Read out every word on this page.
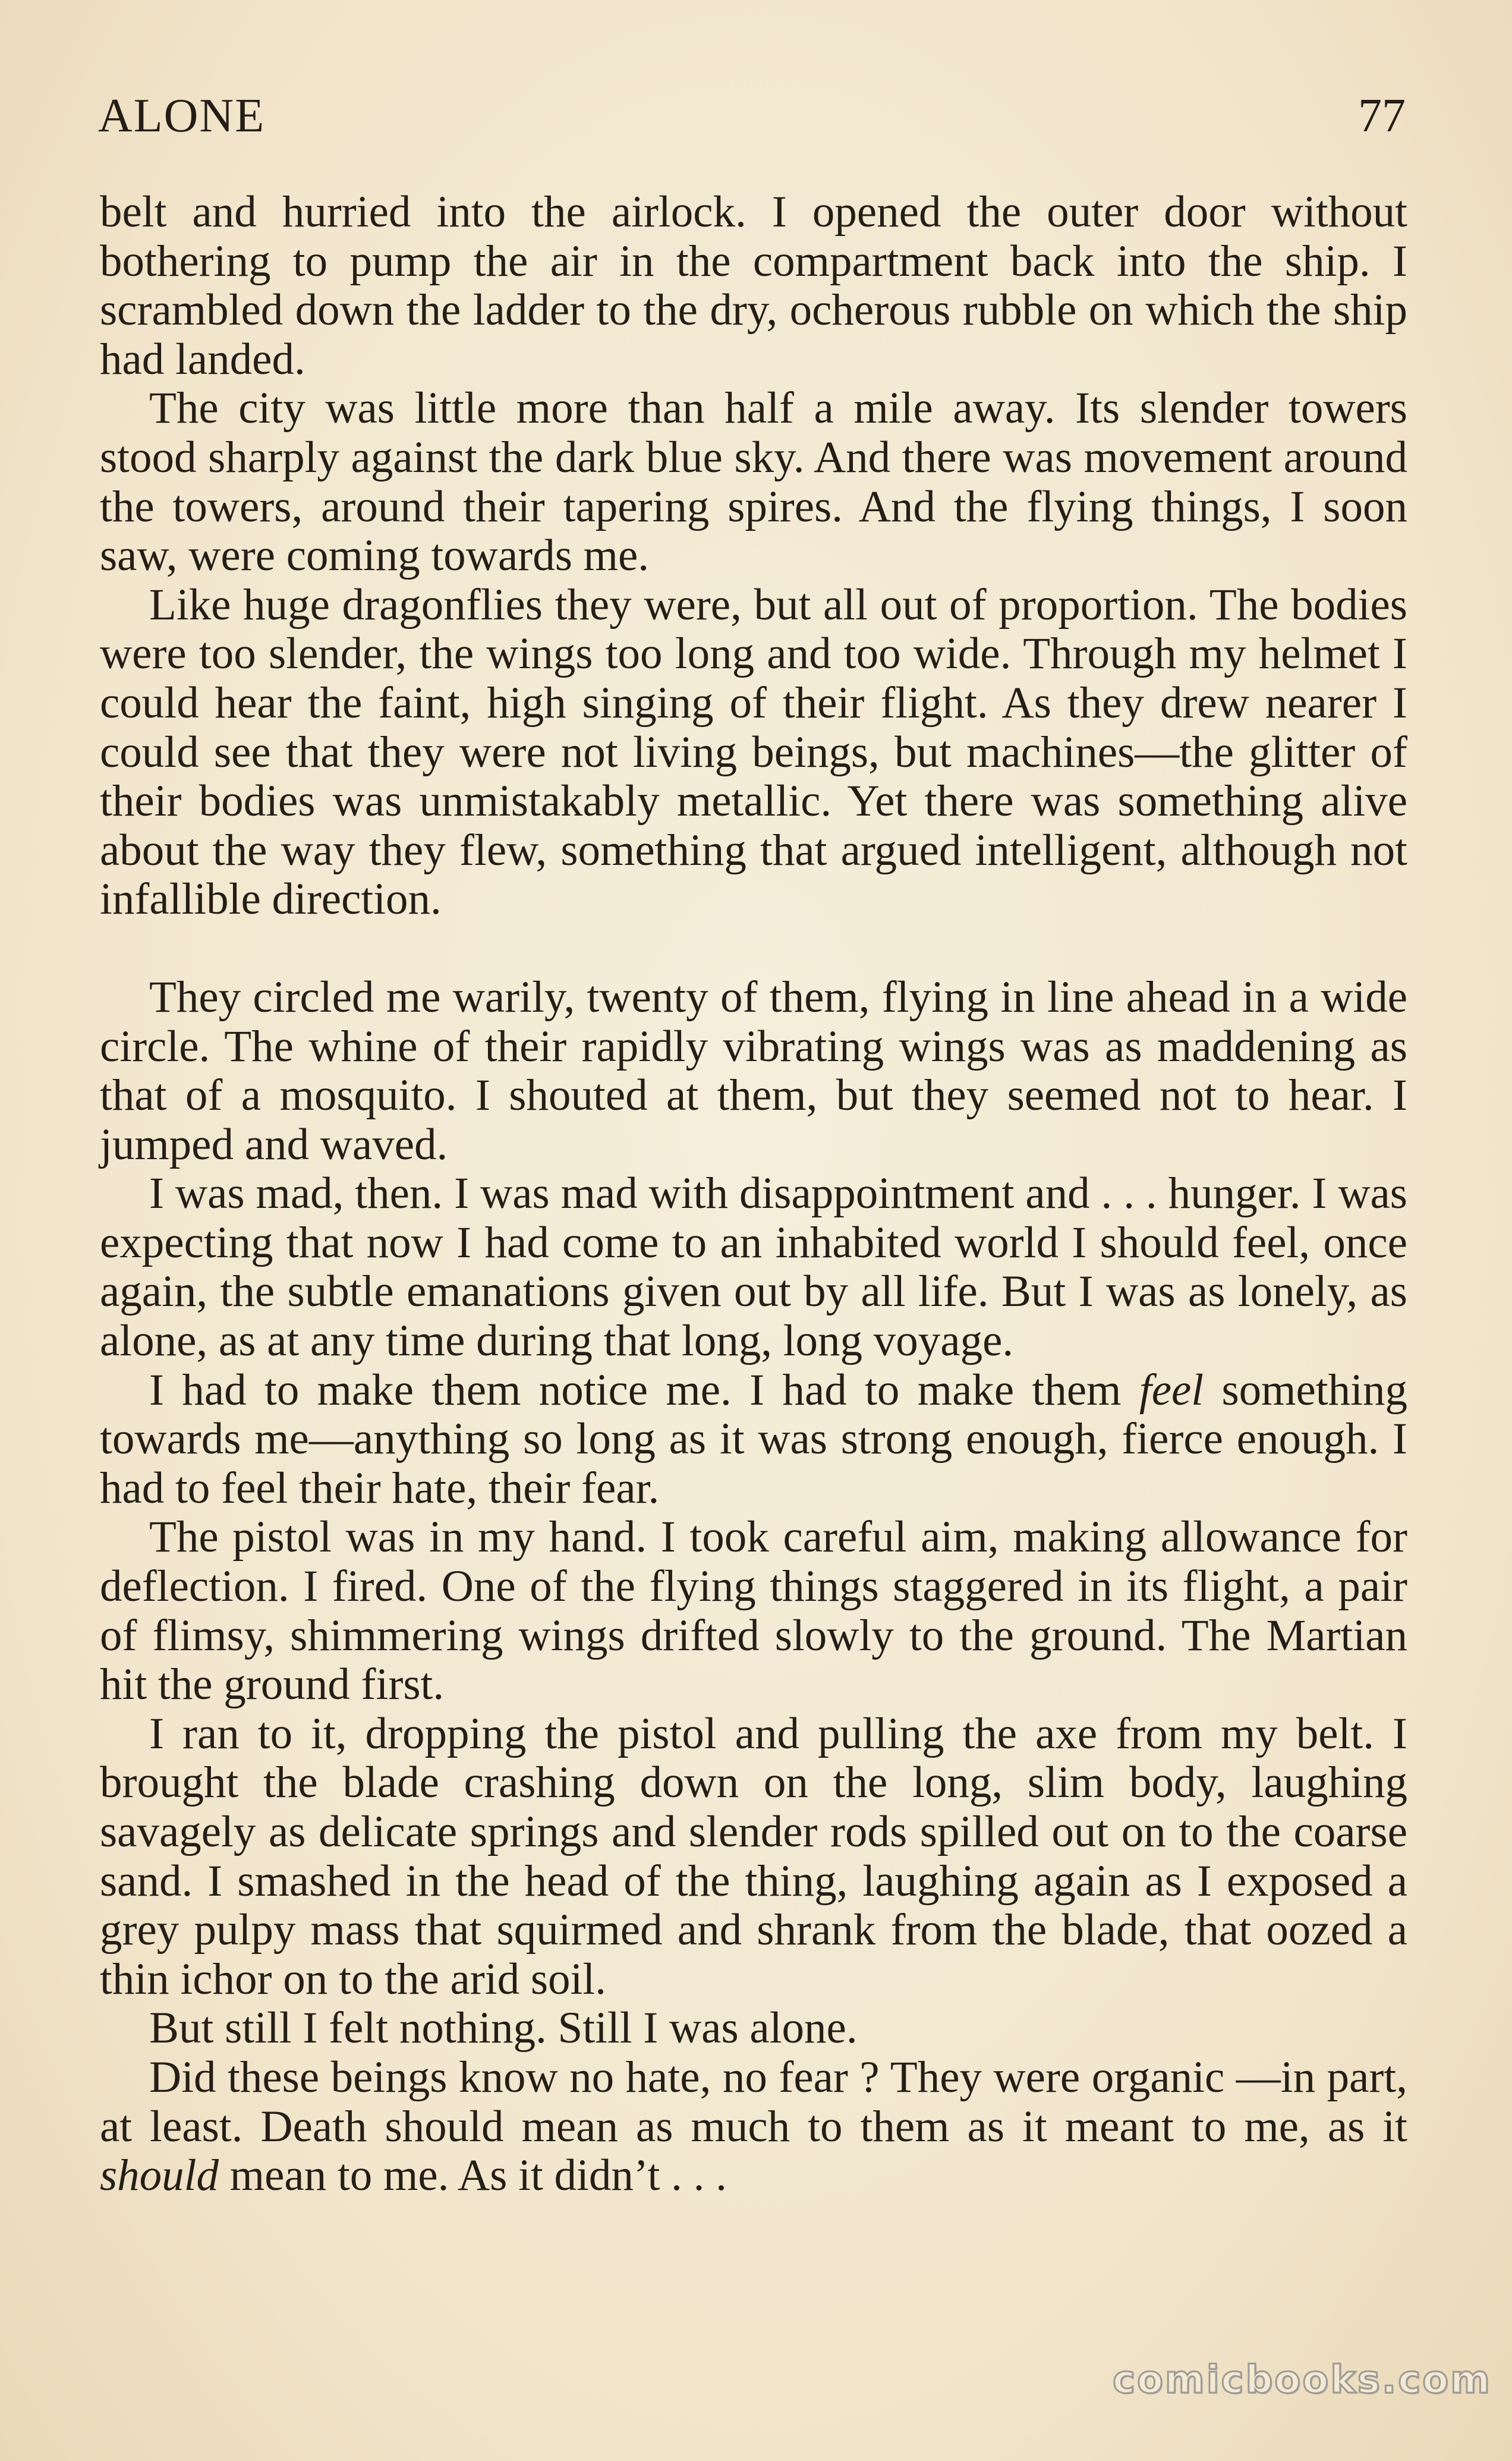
ALONE	77

belt and hurried into the airlock. I opened the outer door without bothering to pump the air in the compartment back into the ship. I scrambled down the ladder to the dry, ocherous rubble on which the ship had landed.

The city was little more than half a mile away. Its slender towers stood sharply against the dark blue sky. And there was movement around the towers, around their tapering spires. And the flying things, I soon saw, were coming towards me.

Like huge dragonflies they were, but all out of proportion. The bodies were too slender, the wings too long and too wide. Through my helmet I could hear the faint, high singing of their flight. As they drew nearer I could see that they were not living beings, but machines—the glitter of their bodies was unmistakably metallic. Yet there was something alive about the way they flew, something that argued intelligent, although not infallible direction.

They circled me warily, twenty of them, flying in line ahead in a wide circle. The whine of their rapidly vibrating wings was as maddening as that of a mosquito. I shouted at them, but they seemed not to hear. I jumped and waved.

I was mad, then. I was mad with disappointment and . . . hunger. I was expecting that now I had come to an inhabited world I should feel, once again, the subtle emanations given out by all life. But I was as lonely, as alone, as at any time during that long, long voyage.

I had to make them notice me. I had to make them feel something towards me—anything so long as it was strong enough, fierce enough. I had to feel their hate, their fear.

The pistol was in my hand. I took careful aim, making allowance for deflection. I fired. One of the flying things staggered in its flight, a pair of flimsy, shimmering wings drifted slowly to the ground. The Martian hit the ground first.

I ran to it, dropping the pistol and pulling the axe from my belt. I brought the blade crashing down on the long, slim body, laughing savagely as delicate springs and slender rods spilled out on to the coarse sand. I smashed in the head of the thing, laughing again as I exposed a grey pulpy mass that squirmed and shrank from the blade, that oozed a thin ichor on to the arid soil.

But still I felt nothing. Still I was alone.

Did these beings know no hate, no fear ? They were organic —in part, at least. Death should mean as much to them as it meant to me, as it should mean to me. As it didn’t . . .

comicbooks.com
